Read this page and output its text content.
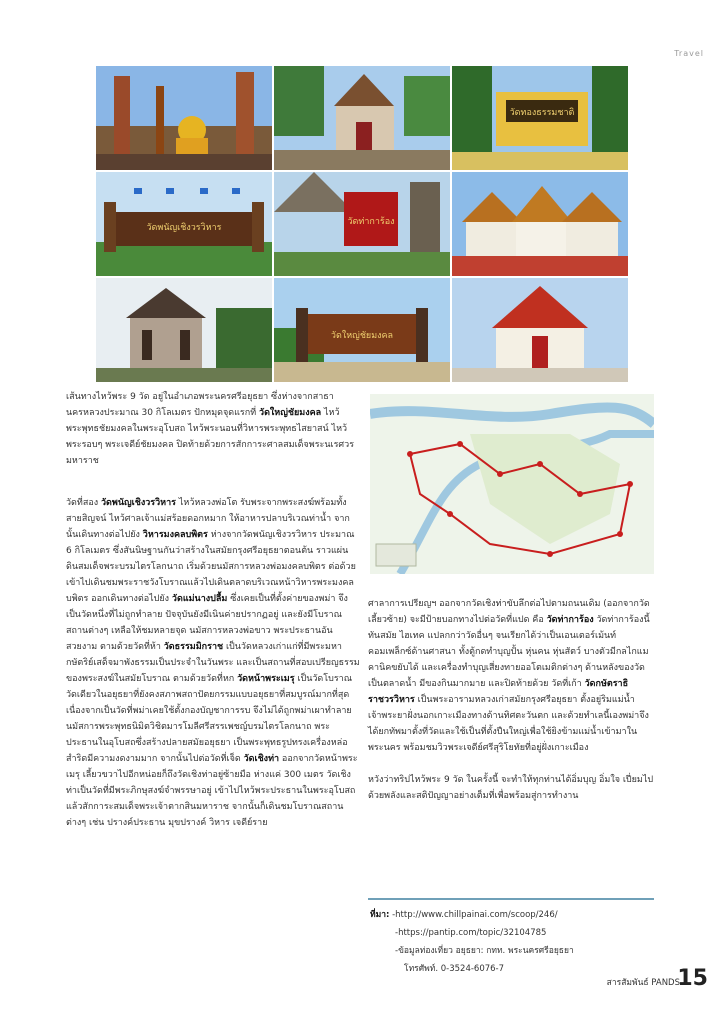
Travel
วัดทองธรรมชาติ
วัดพนัญเชิงวรวิหาร
วัดท่าการ้อง
วัดใหญ่ชัยมงคล

เส้นทางไหว้พระ 9 วัด อยู่ในอำเภอพระนครศรีอยุธยา ซึ่งห่างจากสาธา นครหลวงประมาณ 30 กิโลเมตร ปักหมุดจุดแรกที่ วัดใหญ่ชัยมงคล ไหว้พระพุทธชัยมงคลในพระอุโบสถ ไหว้พระนอนที่วิหารพระพุทธไสยาสน์ ไหว้พระรอบๆ พระเจดีย์ชัยมงคล ปิดท้ายด้วยการสักการะศาลสมเด็จพระนเรศวรมหาราช

วัดที่สอง วัดพนัญเชิงวรวิหาร ไหว้หลวงพ่อโต รับพระจากพระสงฆ์พร้อมทั้งสายสิญจน์ ไหว้ศาลเจ้าแม่สร้อยดอกหมาก ให้อาหารปลาบริเวณท่าน้ำ จากนั้นเดินทางต่อไปยัง วิหารมงคลบพิตร ห่างจากวัดพนัญเชิงวรวิหาร ประมาณ 6 กิโลเมตร ซึ่งสันนิษฐานกันว่าสร้างในสมัยกรุงศรีอยุธยาตอนต้น ราวแผ่นดินสมเด็จพระบรมไตรโลกนาถ เริ่มด้วยนมัสการหลวงพ่อมงคลบพิตร ต่อด้วยเข้าไปเดินชมพระราชวังโบราณแล้วไปเดินตลาดบริเวณหน้าวิหารพระมงคลบพิตร ออกเดินทางต่อไปยัง วัดแม่นางปลื้ม ซึ่งเคยเป็นที่ตั้งค่ายของพม่า จึงเป็นวัดหนึ่งที่ไม่ถูกทำลาย ปัจจุบันยังมีเนินค่ายปรากฏอยู่ และยังมีโบราณสถานต่างๆ เหลือให้ชมหลายจุด นมัสการหลวงพ่อขาว พระประธานอันสวยงาม ตามด้วยวัดที่ห้า วัดธรรมมิกราช เป็นวัดหลวงเก่าแก่ที่มีพระมหากษัตริย์เสด็จมาพังธรรมเป็นประจำในวันพระ และเป็นสถานที่สอบเปรียญธรรมของพระสงฆ์ในสมัยโบราณ ตามด้วยวัดที่หก วัดหน้าพระเมรุ เป็นวัดโบราณวัดเดียวในอยุธยาที่ยังคงสภาพสถาปัตยกรรมแบบอยุธยาที่สมบูรณ์มากที่สุด เนื่องจากเป็นวัดที่พม่าเคยใช้ตั้งกองบัญชาการรบ จึงไม่ได้ถูกพม่าเผาทำลาย นมัสการพระพุทธนิมิตวิชิตมารโมลีศรีสรรเพชญ์บรมไตรโลกนาถ พระประธานในอุโบสถซึ่งสร้างปลายสมัยอยุธยา เป็นพระพุทธรูปทรงเครื่องหล่อสำริดมีความงดงามมาก จากนั้นไปต่อวัดที่เจ็ด วัดเชิงท่า ออกจากวัดหน้าพระเมรุ เลี้ยวขวาไปอีกหน่อยก็ถึงวัดเชิงท่าอยู่ซ้ายมือ ห่างแค่ 300 เมตร วัดเชิงท่าเป็นวัดที่มีพระภิกษุสงฆ์จำพรรษาอยู่ เข้าไปไหว้พระประธานในพระอุโบสถ แล้วสักการะสมเด็จพระเจ้าตากสินมหาราช จากนั้นก็เดินชมโบราณสถานต่างๆ เช่น ปรางค์ประธาน มุขปรางค์ วิหาร เจดีย์ราย

ศาลาการเปรียญฯ ออกจากวัดเชิงท่าขับลึกต่อไปตามถนนเดิม (ออกจากวัดเลี้ยวซ้าย) จะมีป้ายบอกทางไปต่อวัดที่แปด คือ วัดท่าการ้อง วัดท่าการ้องนี้ทันสมัย ไฮเทค แปลกกว่าวัดอื่นๆ จนเรียกได้ว่าเป็นเอนเตอร์เม้นท์คอมเพล็กซ์ด้านศาสนา ทั้งตู้กดทำบุญปั้น หุ่นคน หุ่นสัตว์ บางตัวมีกลไกแมคานิคขยับได้ และเครื่องทำบุญเสี่ยงทายออโตเมติกต่างๆ ด้านหลังของวัดเป็นตลาดน้ำ มีของกินมากมาย และปิดท้ายด้วย วัดที่เก้า วัดกษัตราธิราชวรวิหาร เป็นพระอารามหลวงเก่าสมัยกรุงศรีอยุธยา ตั้งอยู่ริมแม่น้ำเจ้าพระยาฝั่งนอกเกาะเมืองทางด้านทิศตะวันตก และด้วยทำเลนี้เองพม่าจึงได้ยกทัพมาตั้งที่วัดและใช้เป็นที่ตั้งปืนใหญ่เพื่อใช้ยิงข้ามแม่น้ำเข้ามาในพระนคร พร้อมชมวิวพระเจดีย์ศรีสุริโยทัยที่อยู่ฝั่งเกาะเมือง

หวังว่าทริปไหว้พระ 9 วัด ในครั้งนี้ จะทำให้ทุกท่านได้อิ่มบุญ อิ่มใจ เปี่ยมไปด้วยพลังและสติปัญญาอย่างเต็มที่เพื่อพร้อมสู่การทำงาน

ที่มา: -http://www.chillpainai.com/scoop/246/
-https://pantip.com/topic/32104785
-ข้อมูลท่องเที่ยว อยุธยา: กทท. พระนครศรีอยุธยา
โทรศัพท์. 0-3524-6076-7
สารสัมพันธ์ PANDS
15
